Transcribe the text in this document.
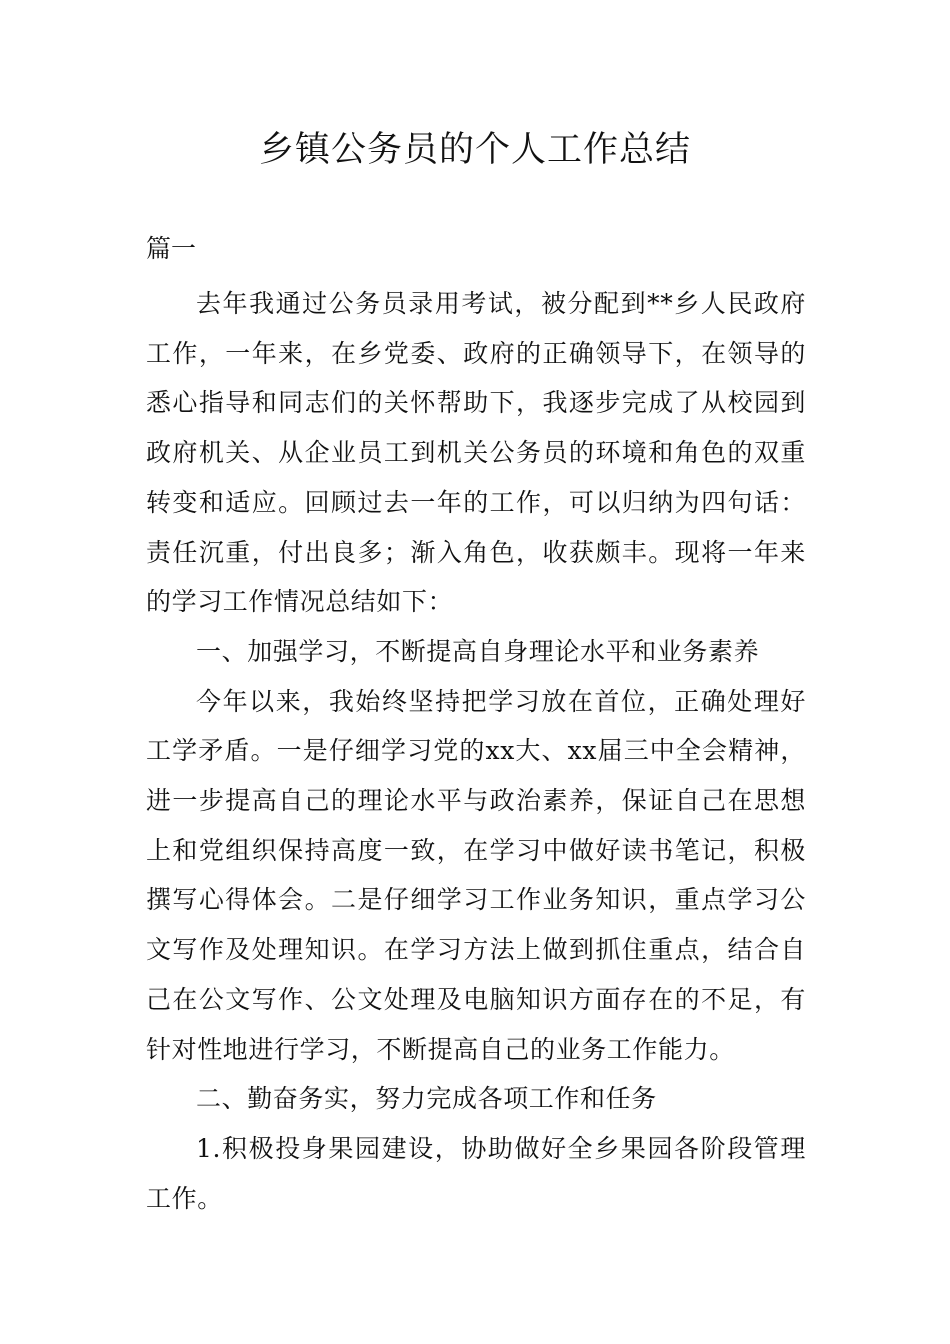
乡镇公务员的个人工作总结
篇一

去年我通过公务员录用考试，被分配到**乡人民政府工作，一年来，在乡党委、政府的正确领导下，在领导的悉心指导和同志们的关怀帮助下，我逐步完成了从校园到政府机关、从企业员工到机关公务员的环境和角色的双重转变和适应。回顾过去一年的工作，可以归纳为四句话：责任沉重，付出良多；渐入角色，收获颇丰。现将一年来的学习工作情况总结如下：

一、加强学习，不断提高自身理论水平和业务素养

今年以来，我始终坚持把学习放在首位，正确处理好工学矛盾。一是仔细学习党的xx大、xx届三中全会精神，进一步提高自己的理论水平与政治素养，保证自己在思想上和党组织保持高度一致，在学习中做好读书笔记，积极撰写心得体会。二是仔细学习工作业务知识，重点学习公文写作及处理知识。在学习方法上做到抓住重点，结合自己在公文写作、公文处理及电脑知识方面存在的不足，有针对性地进行学习，不断提高自己的业务工作能力。

二、勤奋务实，努力完成各项工作和任务

1.积极投身果园建设，协助做好全乡果园各阶段管理工作。
